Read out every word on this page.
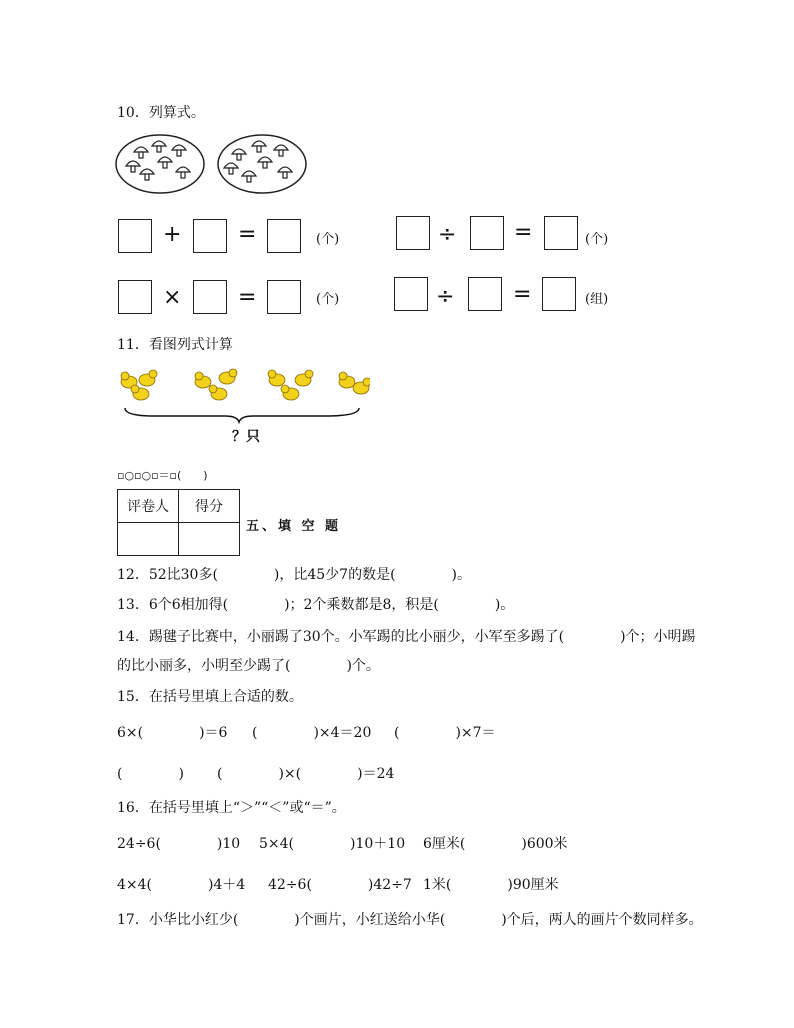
10．列算式。
+	=	(个)	÷	=	(个)
×	=	(个)	÷	=	(组)
11．看图列式计算
？只
▫○▫○▫＝▫(　　)
评卷人	得分

五、填 空 题
12．52比30多(　　　　)，比45少7的数是(　　　　)。
13．6个6相加得(　　　　)；2个乘数都是8，积是(　　　　)。
14．踢毽子比赛中，小丽踢了30个。小军踢的比小丽少，小军至多踢了(　　　　)个；小明踢
的比小丽多，小明至少踢了(　　　　)个。
15．在括号里填上合适的数。
6×(　　　　)＝6 (　　　　)×4＝20 (　　　　)×7＝
(　　　　) (　　　　)×(　　　　)＝24
16．在括号里填上“＞”“＜”或“＝”。
24÷6(　　　　)10 5×4(　　　　)10＋10 6厘米(　　　　)600米
4×4(　　　　)4＋4 42÷6(　　　　)42÷7 1米(　　　　)90厘米
17．小华比小红少(　　　　)个画片，小红送给小华(　　　　)个后，两人的画片个数同样多。
